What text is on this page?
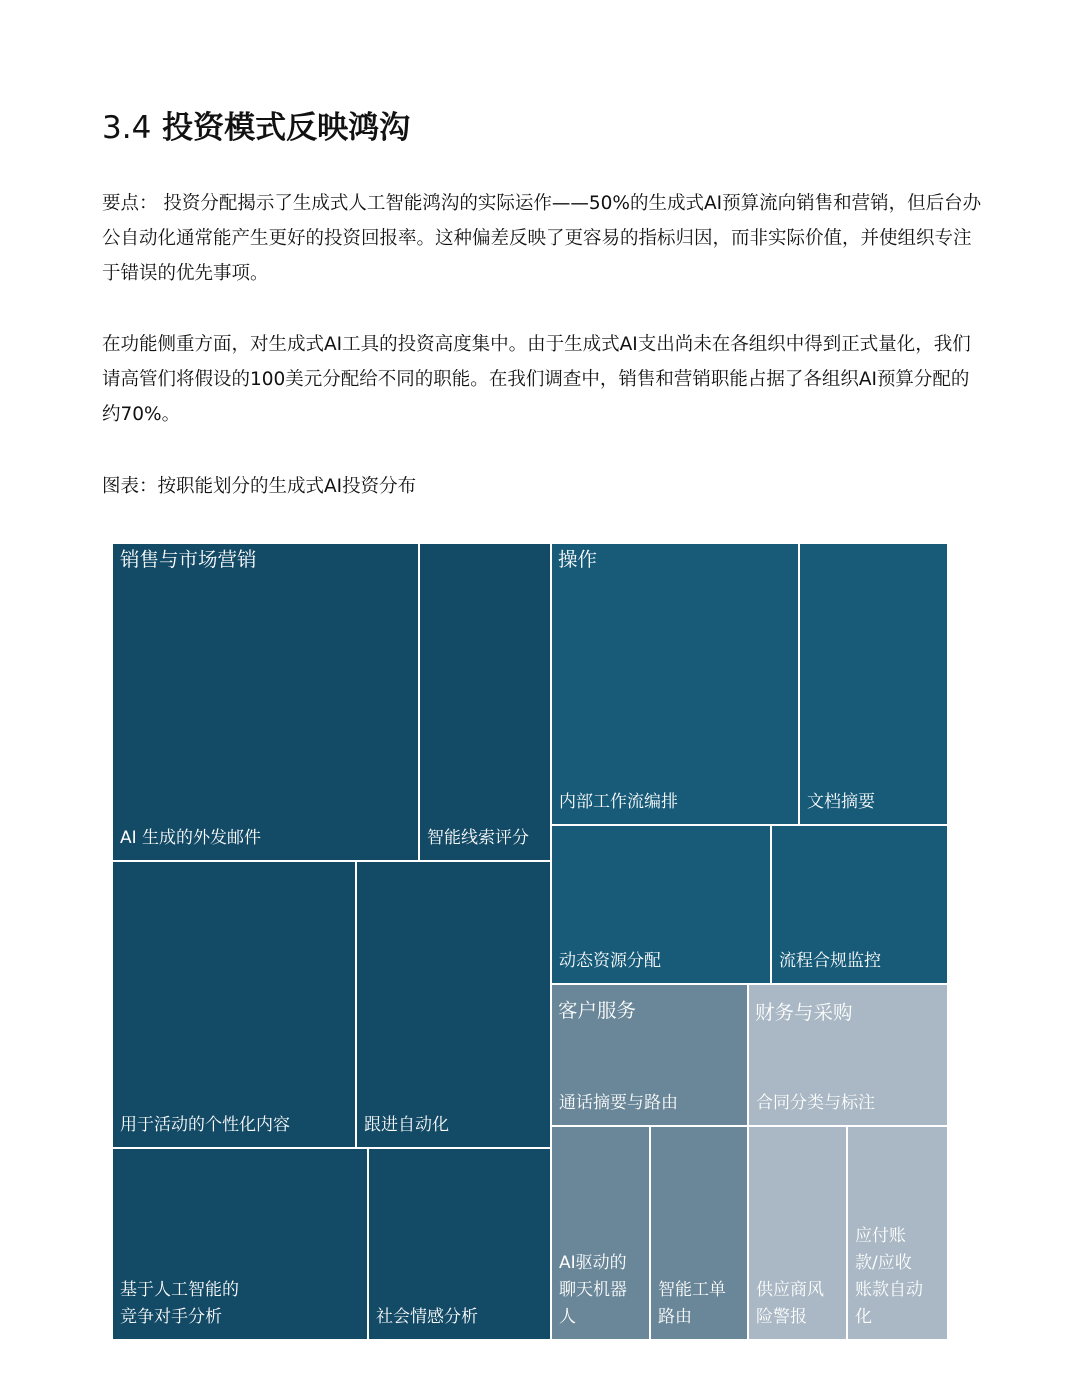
3.4 投资模式反映鸿沟

要点： 投资分配揭示了生成式人工智能鸿沟的实际运作——50%的生成式AI预算流向销售和营销，但后台办公自动化通常能产生更好的投资回报率。这种偏差反映了更容易的指标归因，而非实际价值，并使组织专注于错误的优先事项。

在功能侧重方面，对生成式AI工具的投资高度集中。由于生成式AI支出尚未在各组织中得到正式量化，我们请高管们将假设的100美元分配给不同的职能。在我们调查中，销售和营销职能占据了各组织AI预算分配的约70%。

图表：按职能划分的生成式AI投资分布
AI 生成的外发邮件	智能线索评分
用于活动的个性化内容	跟进自动化
基于人工智能的
竞争对手分析	社会情感分析
销售与市场营销
内部工作流编排	文档摘要
动态资源分配	流程合规监控
操作
通话摘要与路由
AI驱动的
聊天机器
人
智能工单
路由
客户服务
合同分类与标注
供应商风
险警报
应付账
款/应收
账款自动
化
财务与采购
